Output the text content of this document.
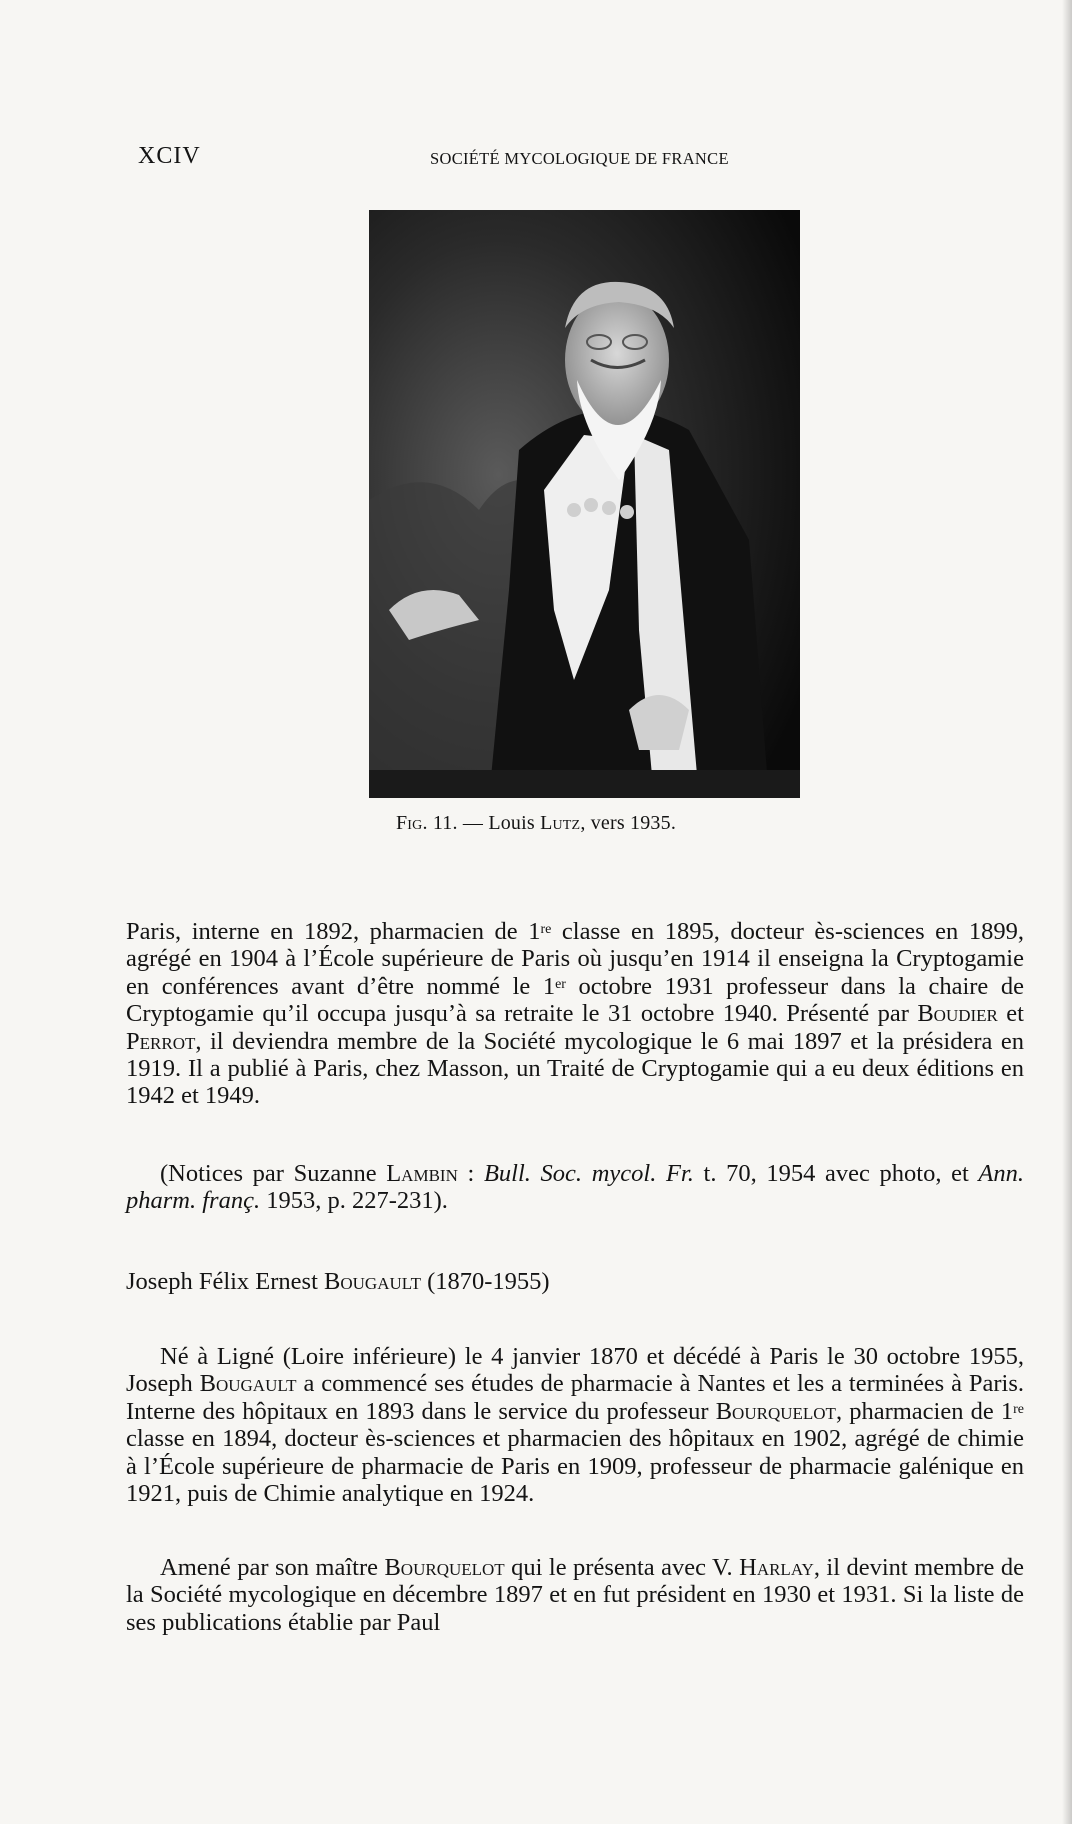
XCIV	SOCIÉTÉ MYCOLOGIQUE DE FRANCE
Fig. 11. — Louis Lutz, vers 1935.

Paris, interne en 1892, pharmacien de 1re classe en 1895, docteur ès-sciences en 1899, agrégé en 1904 à l’École supérieure de Paris où jusqu’en 1914 il enseigna la Cryptogamie en conférences avant d’être nommé le 1er octobre 1931 professeur dans la chaire de Cryptogamie qu’il occupa jusqu’à sa retraite le 31 octobre 1940. Présenté par Boudier et Perrot, il deviendra membre de la Société mycologique le 6 mai 1897 et la présidera en 1919. Il a publié à Paris, chez Masson, un Traité de Cryptogamie qui a eu deux éditions en 1942 et 1949.

(Notices par Suzanne Lambin : Bull. Soc. mycol. Fr. t. 70, 1954 avec photo, et Ann. pharm. franç. 1953, p. 227-231).

Joseph Félix Ernest Bougault (1870-1955)

Né à Ligné (Loire inférieure) le 4 janvier 1870 et décédé à Paris le 30 octobre 1955, Joseph Bougault a commencé ses études de pharmacie à Nantes et les a terminées à Paris. Interne des hôpitaux en 1893 dans le service du professeur Bourquelot, pharmacien de 1re classe en 1894, docteur ès-sciences et pharmacien des hôpitaux en 1902, agrégé de chimie à l’École supérieure de pharmacie de Paris en 1909, professeur de pharmacie galénique en 1921, puis de Chimie analytique en 1924.

Amené par son maître Bourquelot qui le présenta avec V. Harlay, il devint membre de la Société mycologique en décembre 1897 et en fut président en 1930 et 1931. Si la liste de ses publications établie par Paul
